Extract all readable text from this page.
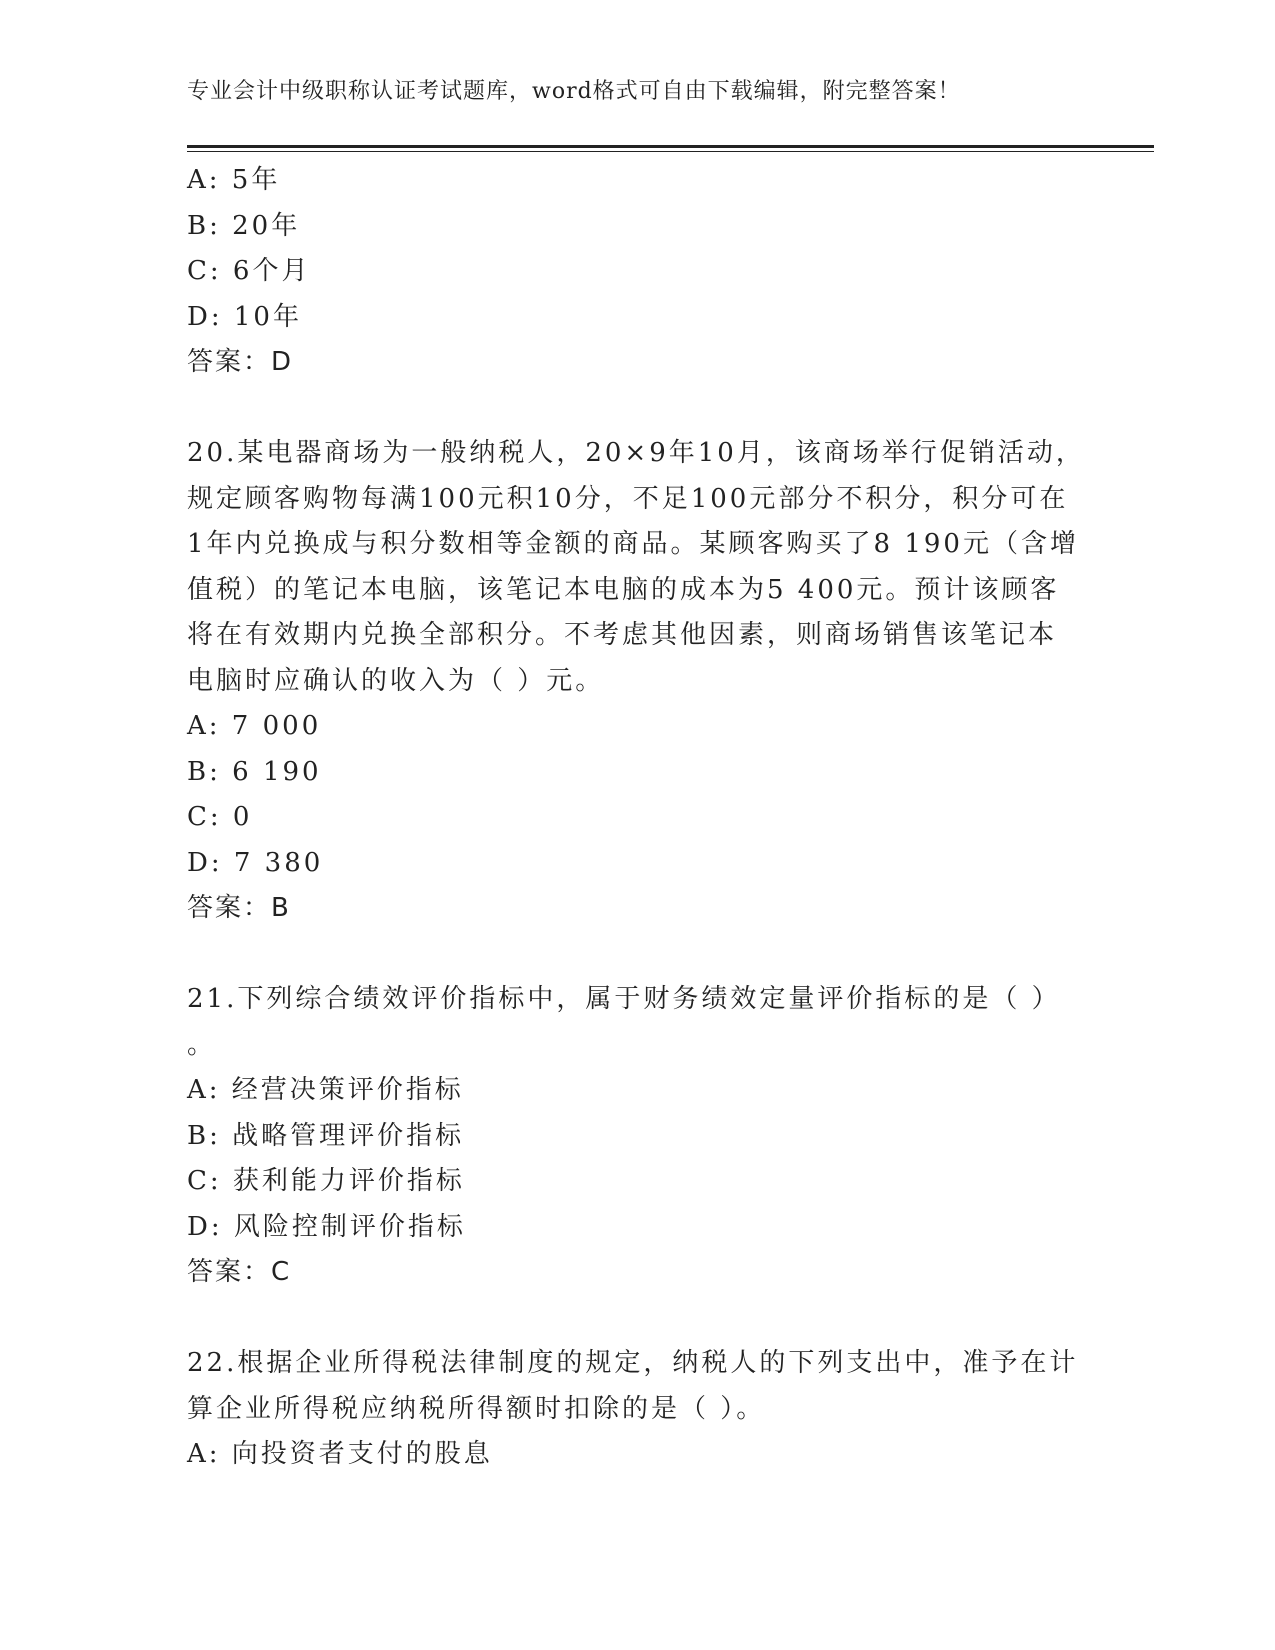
专业会计中级职称认证考试题库，word格式可自由下载编辑，附完整答案！
A: 5年
B: 20年
C: 6个月
D: 10年
答案：D
20.某电器商场为一般纳税人，20×9年10月，该商场举行促销活动，
规定顾客购物每满100元积10分，不足100元部分不积分，积分可在
1年内兑换成与积分数相等金额的商品。某顾客购买了8 190元（含增
值税）的笔记本电脑，该笔记本电脑的成本为5 400元。预计该顾客
将在有效期内兑换全部积分。不考虑其他因素，则商场销售该笔记本
电脑时应确认的收入为（ ）元。
A: 7 000
B: 6 190
C: 0
D: 7 380
答案：B
21.下列综合绩效评价指标中，属于财务绩效定量评价指标的是（ ）
。
A: 经营决策评价指标
B: 战略管理评价指标
C: 获利能力评价指标
D: 风险控制评价指标
答案：C
22.根据企业所得税法律制度的规定，纳税人的下列支出中，准予在计
算企业所得税应纳税所得额时扣除的是（ ）。
A: 向投资者支付的股息
